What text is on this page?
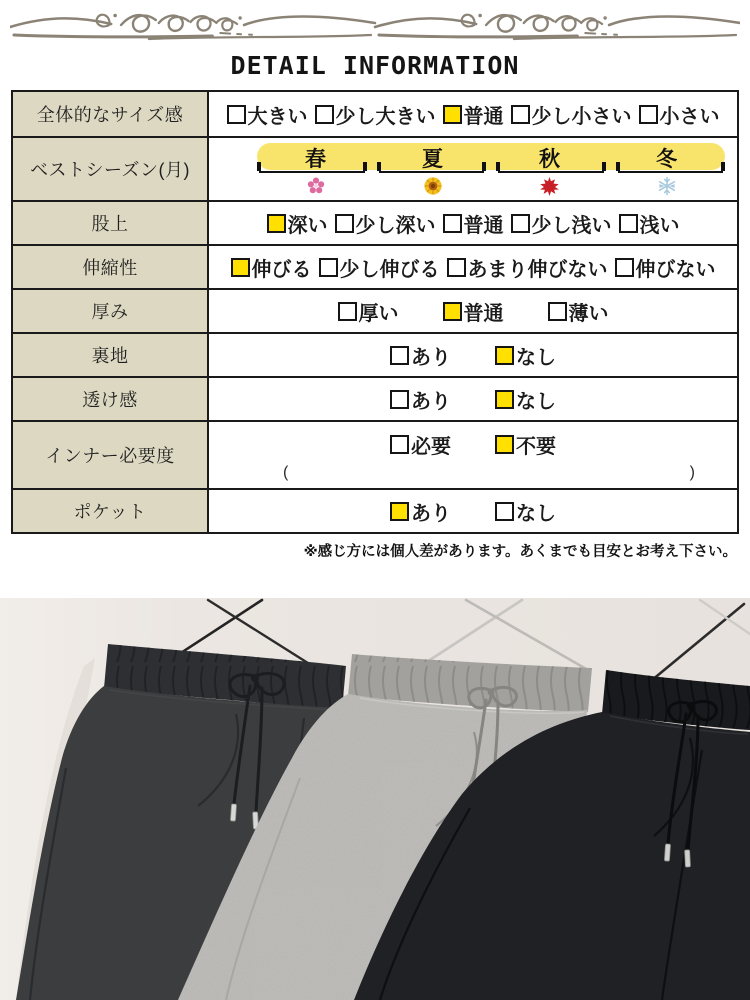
DETAIL INFORMATION
全体的なサイズ感	大きい 少し大きい 普通 少し小さい 小さい
ベストシーズン(月)	春	夏	秋	冬
股上	深い 少し深い 普通 少し浅い 浅い
伸縮性	伸びる 少し伸びる あまり伸びない 伸びない
厚み	厚い	普通	薄い
裏地	あり	なし
透け感	あり	なし
インナー必要度	必要	不要
(	)
ポケット	あり	なし
※感じ方には個人差があります。あくまでも目安とお考え下さい。
